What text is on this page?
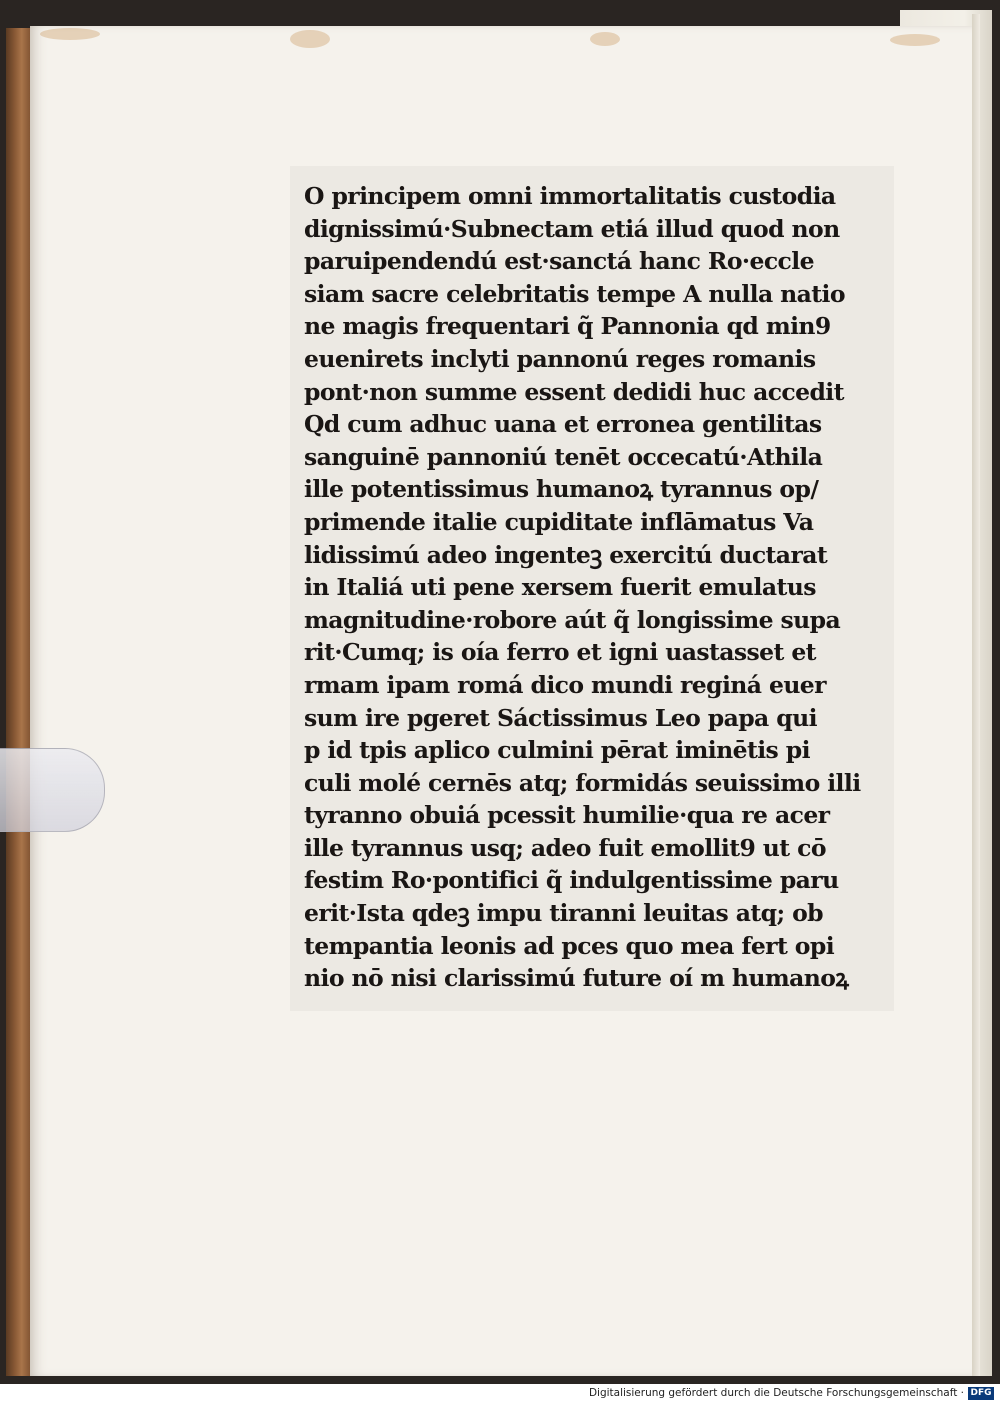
O principem omni immortalitatis custodia
dignissimú·Subnectam etiá illud quod non
paruipendendú est·sanctá hanc Ro·eccle
siam sacre celebritatis tempe A nulla natio
ne magis frequentari q̃ Pannonia qd min9
euenirets inclyti pannonú reges romanis
pont·non summe essent dedidi huc accedit
Qd cum adhuc uana et erronea gentilitas
sanguinē pannoniú tenēt occecatú·Athila
ille potentissimus humanoꝝ tyrannus op/
primende italie cupiditate inflāmatus Va
lidissimú adeo ingenteꝫ exercitú ductarat
in Italiá uti pene xersem fuerit emulatus
magnitudine·robore aút q̃ longissime supa
rit·Cumq; is oía ferro et igni uastasset et
rmam ipam romá dico mundi reginá euer
sum ire pgeret Sáctissimus Leo papa qui
p id tpis aplico culmini pērat iminētis pi
culi molé cernēs atq; formidás seuissimo illi
tyranno obuiá pcessit humilie·qua re acer
ille tyrannus usq; adeo fuit emollit9 ut cō
festim Ro·pontifici q̃ indulgentissime paru
erit·Ista qdeꝫ impu tiranni leuitas atq; ob
tempantia leonis ad pces quo mea fert opi
nio nō nisi clarissimú future oí m humanoꝝ
Digitalisierung gefördert durch die Deutsche Forschungsgemeinschaft · DFG
